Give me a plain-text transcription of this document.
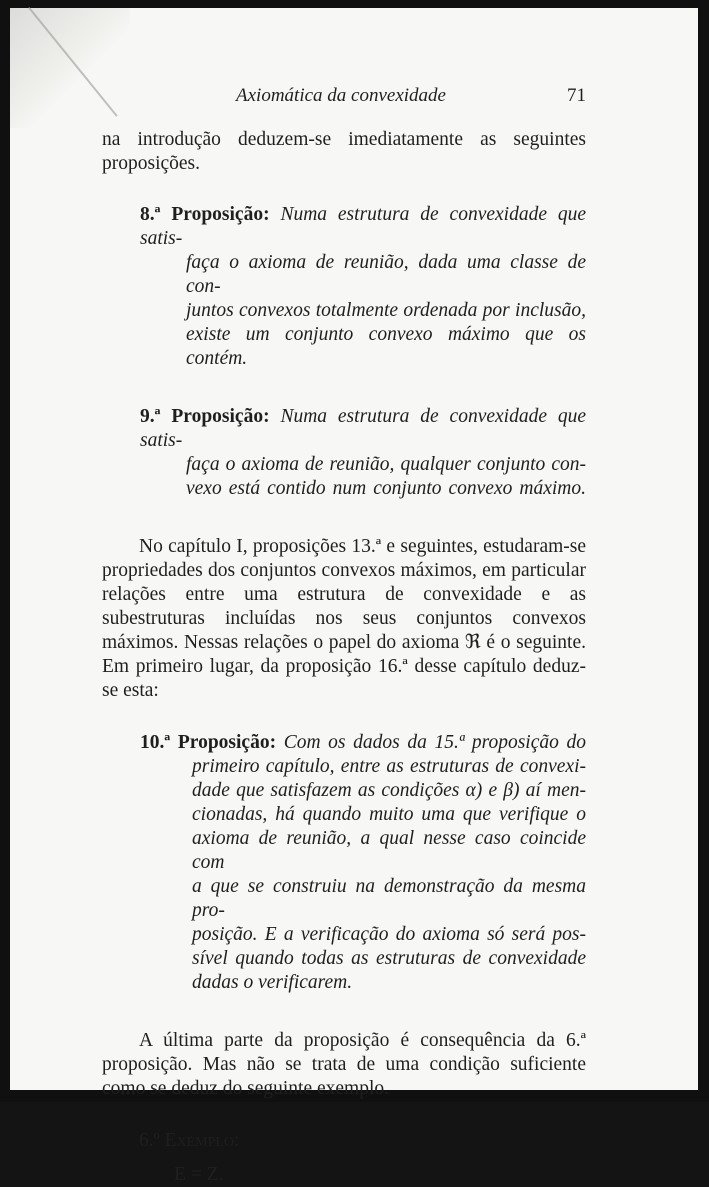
Axiomática da convexidade	71

na introdução deduzem-se imediatamente as seguintes proposições.

8.ª Proposição: Numa estrutura de convexidade que satis-
faça o axioma de reunião, dada uma classe de con-
juntos convexos totalmente ordenada por inclusão,
existe um conjunto convexo máximo que os contém.
9.ª Proposição: Numa estrutura de convexidade que satis-
faça o axioma de reunião, qualquer conjunto con-
vexo está contido num conjunto convexo máximo.

No capítulo I, proposições 13.ª e seguintes, estudaram-se propriedades dos conjuntos convexos máximos, em particular relações entre uma estrutura de convexidade e as subestruturas incluídas nos seus conjuntos convexos máximos. Nessas relações o papel do axioma ℜ é o seguinte. Em primeiro lugar, da proposição 16.ª desse capítulo deduz-se esta:

10.ª Proposição: Com os dados da 15.ª proposição do
primeiro capítulo, entre as estruturas de convexi-
dade que satisfazem as condições α) e β) aí men-
cionadas, há quando muito uma que verifique o
axioma de reunião, a qual nesse caso coincide com
a que se construiu na demonstração da mesma pro-
posição. E a verificação do axioma só será pos-
sível quando todas as estruturas de convexidade
dadas o verificarem.

A última parte da proposição é consequência da 6.ª proposição. Mas não se trata de uma condição suficiente como se deduz do seguinte exemplo.

6.º Exemplo:
E = Z.
